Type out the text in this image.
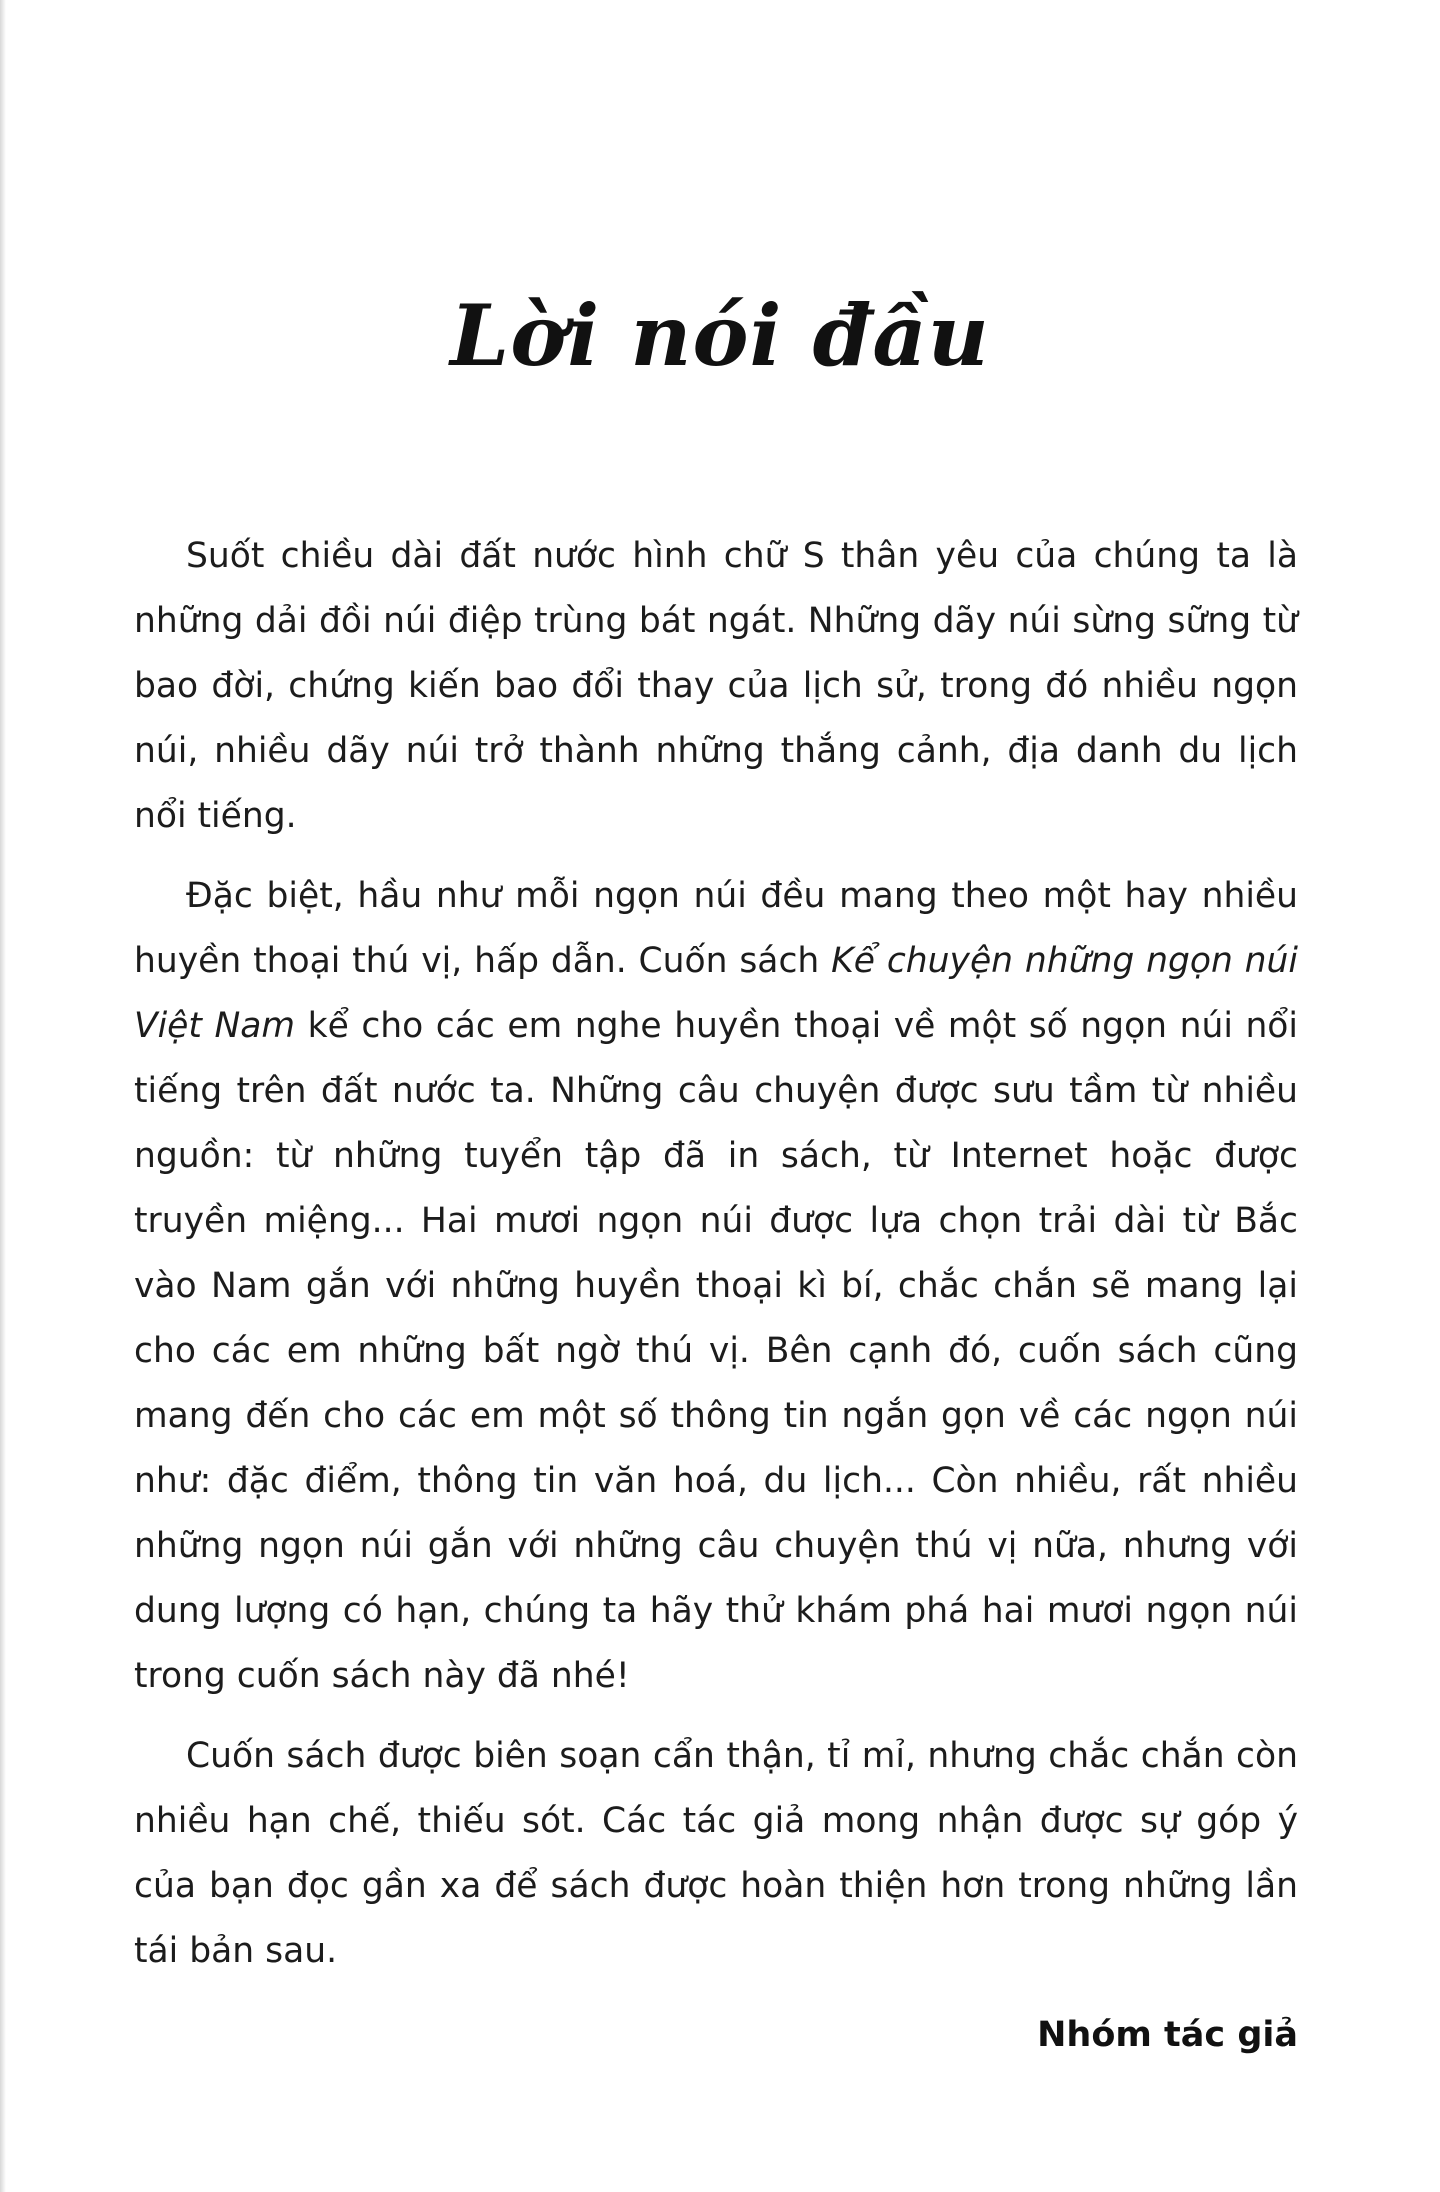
Lời nói đầu

Suốt chiều dài đất nước hình chữ S thân yêu của chúng ta là những dải đồi núi điệp trùng bát ngát. Những dãy núi sừng sững từ bao đời, chứng kiến bao đổi thay của lịch sử, trong đó nhiều ngọn núi, nhiều dãy núi trở thành những thắng cảnh, địa danh du lịch nổi tiếng.

Đặc biệt, hầu như mỗi ngọn núi đều mang theo một hay nhiều huyền thoại thú vị, hấp dẫn. Cuốn sách Kể chuyện những ngọn núi Việt Nam kể cho các em nghe huyền thoại về một số ngọn núi nổi tiếng trên đất nước ta. Những câu chuyện được sưu tầm từ nhiều nguồn: từ những tuyển tập đã in sách, từ Internet hoặc được truyền miệng... Hai mươi ngọn núi được lựa chọn trải dài từ Bắc vào Nam gắn với những huyền thoại kì bí, chắc chắn sẽ mang lại cho các em những bất ngờ thú vị. Bên cạnh đó, cuốn sách cũng mang đến cho các em một số thông tin ngắn gọn về các ngọn núi như: đặc điểm, thông tin văn hoá, du lịch... Còn nhiều, rất nhiều những ngọn núi gắn với những câu chuyện thú vị nữa, nhưng với dung lượng có hạn, chúng ta hãy thử khám phá hai mươi ngọn núi trong cuốn sách này đã nhé!

Cuốn sách được biên soạn cẩn thận, tỉ mỉ, nhưng chắc chắn còn nhiều hạn chế, thiếu sót. Các tác giả mong nhận được sự góp ý của bạn đọc gần xa để sách được hoàn thiện hơn trong những lần tái bản sau.

Nhóm tác giả
